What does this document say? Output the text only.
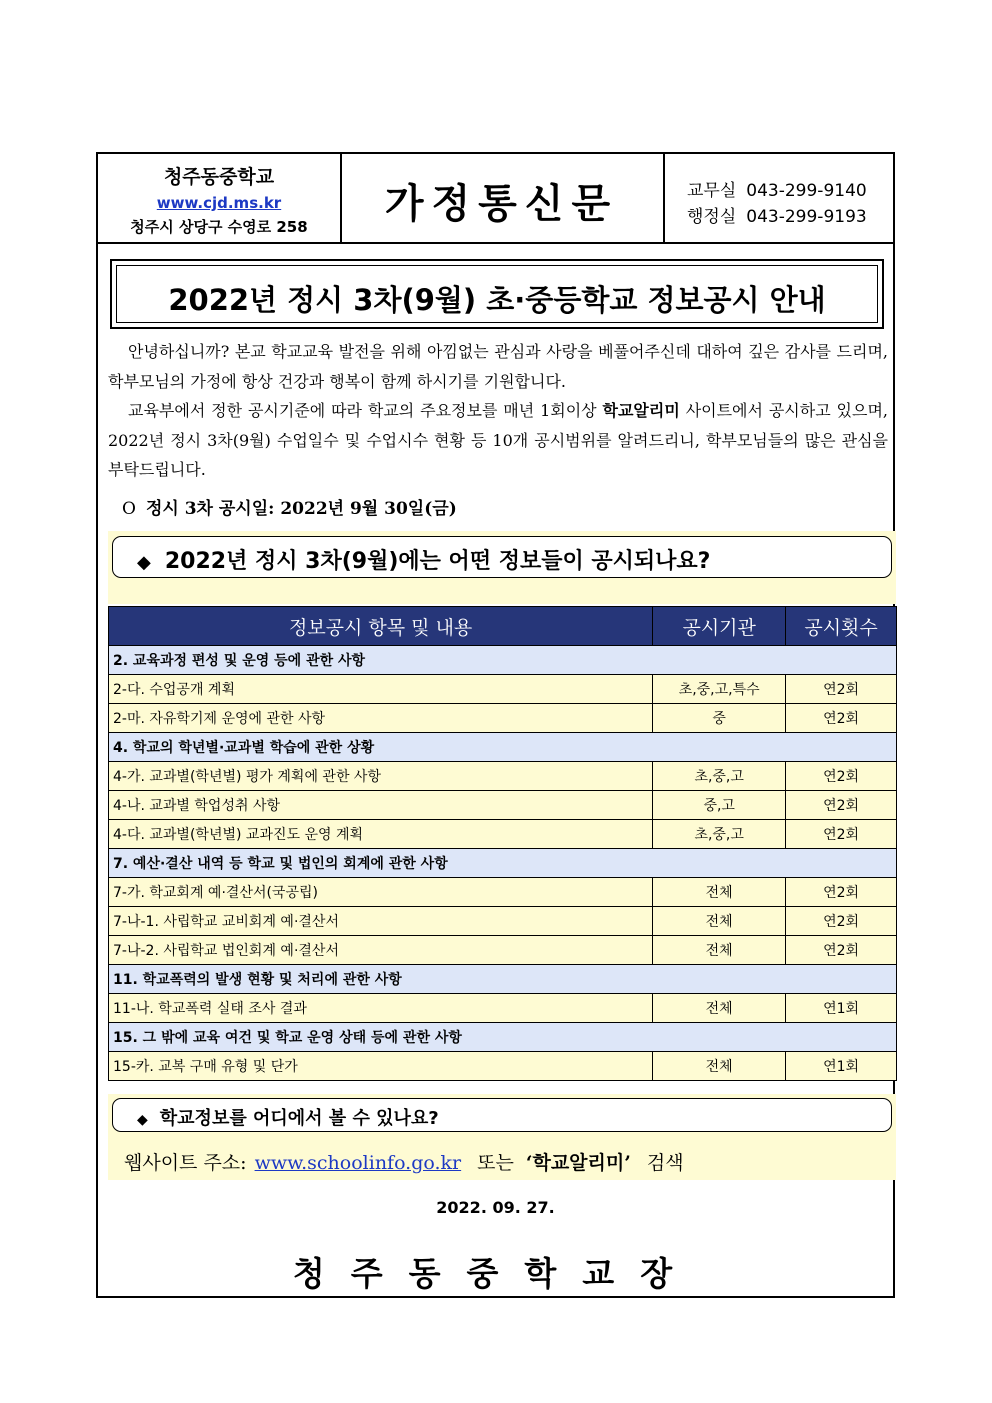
청주동중학교
www.cjd.ms.kr
청주시 상당구 수영로 258	가정통신문	교무실 043-299-9140
행정실 043-299-9193
2022년 정시 3차(9월) 초·중등학교 정보공시 안내

안녕하십니까? 본교 학교교육 발전을 위해 아낌없는 관심과 사랑을 베풀어주신데 대하여 깊은 감사를 드리며, 학부모님의 가정에 항상 건강과 행복이 함께 하시기를 기원합니다.

교육부에서 정한 공시기준에 따라 학교의 주요정보를 매년 1회이상 학교알리미 사이트에서 공시하고 있으며, 2022년 정시 3차(9월) 수업일수 및 수업시수 현황 등 10개 공시범위를 알려드리니, 학부모님들의 많은 관심을 부탁드립니다.

O 정시 3차 공시일: 2022년 9월 30일(금)
◆ 2022년 정시 3차(9월)에는 어떤 정보들이 공시되나요?
정보공시 항목 및 내용	공시기관	공시횟수
2. 교육과정 편성 및 운영 등에 관한 사항		
2-다. 수업공개 계획	초,중,고,특수	연2회
2-마. 자유학기제 운영에 관한 사항	중	연2회
4. 학교의 학년별·교과별 학습에 관한 상황		
4-가. 교과별(학년별) 평가 계획에 관한 사항	초,중,고	연2회
4-나. 교과별 학업성취 사항	중,고	연2회
4-다. 교과별(학년별) 교과진도 운영 계획	초,중,고	연2회
7. 예산·결산 내역 등 학교 및 법인의 회계에 관한 사항		
7-가. 학교회계 예·결산서(국공립)	전체	연2회
7-나-1. 사립학교 교비회계 예·결산서	전체	연2회
7-나-2. 사립학교 법인회계 예·결산서	전체	연2회
11. 학교폭력의 발생 현황 및 처리에 관한 사항		
11-나. 학교폭력 실태 조사 결과	전체	연1회
15. 그 밖에 교육 여건 및 학교 운영 상태 등에 관한 사항		
15-카. 교복 구매 유형 및 단가	전체	연1회
◆ 학교정보를 어디에서 볼 수 있나요?
웹사이트 주소: www.schoolinfo.go.kr 또는 ‘학교알리미’ 검색
2022. 09. 27.
청주동중학교장
